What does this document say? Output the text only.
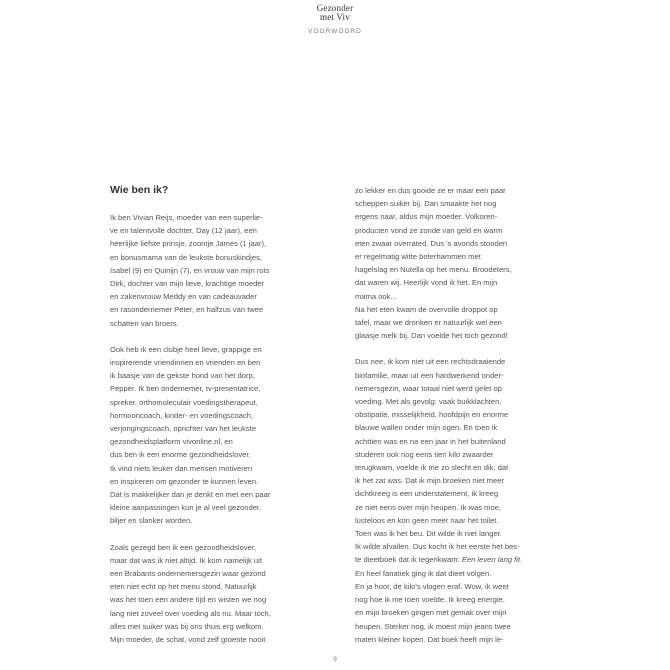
Gezonder
met Viv
VOORWOORD
Wie ben ik?
Ik ben Vivian Reijs, moeder van een superlie-
ve en talentvolle dochter, Day (12 jaar), een
heerlijke liefste prinsje, zoontje James (1 jaar),
en bonusmama van de leukste bonuskindjes,
Isabel (9) en Quinijn (7), en vrouw van mijn rots
Dirk, dochter van mijn lieve, krachtige moeder
en zakenvrouw Meddy en van cadeauvader
en rasondernemer Peter, en halfzus van twee
schatten van broers.
Ook heb ik een clubje heel lieve, grappige en
inspirerende vriendinnen en vrienden en ben
ik baasje van de gekste hond van het dorp,
Pepper. Ik ben ondernemer, tv-presentatrice,
spreker, orthomoleculair voedingstherapeut,
hormooncoach, kinder- en voedingscoach,
verjongingscoach, oprichter van het leukste
gezondheidsplatform vivonline.nl, en
dus ben ik een enorme gezondheidslover.
Ik vind niets leuker dan mensen motiveren
en inspireren om gezonder te kunnen leven.
Dat is makkelijker dan je denkt en met een paar
kleine aanpassingen kun je al veel gezonder,
blijer en slanker worden.
Zoals gezegd ben ik een gezondheidslover,
maar dat was ik niet altijd. Ik kom namelijk uit
een Brabants ondernemersgezin waar gezond
eten niet echt op het menu stond. Natuurlijk
was het toen een andere tijd en wisten we nog
lang niet zoveel over voeding als nu. Maar toch,
alles met suiker was bij ons thuis erg welkom.
Mijn moeder, de schat, vond zelf groente nooit
zo lekker en dus gooide ze er maar een paar
scheppen suiker bij. Dan smaakte het nog
ergens naar, aldus mijn moeder. Volkoren-
producten vond ze zonde van geld en warm
eten zwaar overrated. Dus 's avonds stonden
er regelmatig witte boterhammen met
hagelslag en Nutella op het menu. Broodeters,
dat waren wij. Heerlijk vond ik het. En mijn
mama ook...
Na het eten kwam de overvolle droppot op
tafel, maar we dronken er natuurlijk wel een
glaasje melk bij. Dan voelde het toch gezond!
Dus nee, ik kom niet uit een rechtsdraaiende
biofamilie, maar uit een hardwerkend onder-
nemersgezin, waar totaal niet werd gelet op
voeding. Met als gevolg: vaak buikklachten,
obstipatie, misselijkheid, hoofdpijn en enorme
blauwe wallen onder mijn ogen. En toen ik
achttien was en na een jaar in het buitenland
studeren ook nog eens tien kilo zwaarder
terugkwam, voelde ik me zo slecht en dik, dat
ik het zat was. Dat ik mijn broeken niet meer
dichtkreeg is een understatement, ik kreeg
ze niet eens over mijn heupen. Ik was moe,
lusteloos en kon geen meer naar het toilet.
Toen was ik het beu. Dit wilde ik niet langer.
Ik wilde afvallen. Dus kocht ik het eerste het bes-
te dieetboek dat ik tegenkwam: Een leven lang fit.
En heel fanatiek ging ik dat dieet volgen.
En ja hoor, de kilo's vlogen eraf. Wow, ik weet
nog hoe ik me toen voelde. Ik kreeg energie,
en mijn broeken gingen met gemak over mijn
heupen. Sterker nog, ik moest mijn jeans twee
maten kleiner kopen. Dat boek heeft mijn le-
9
